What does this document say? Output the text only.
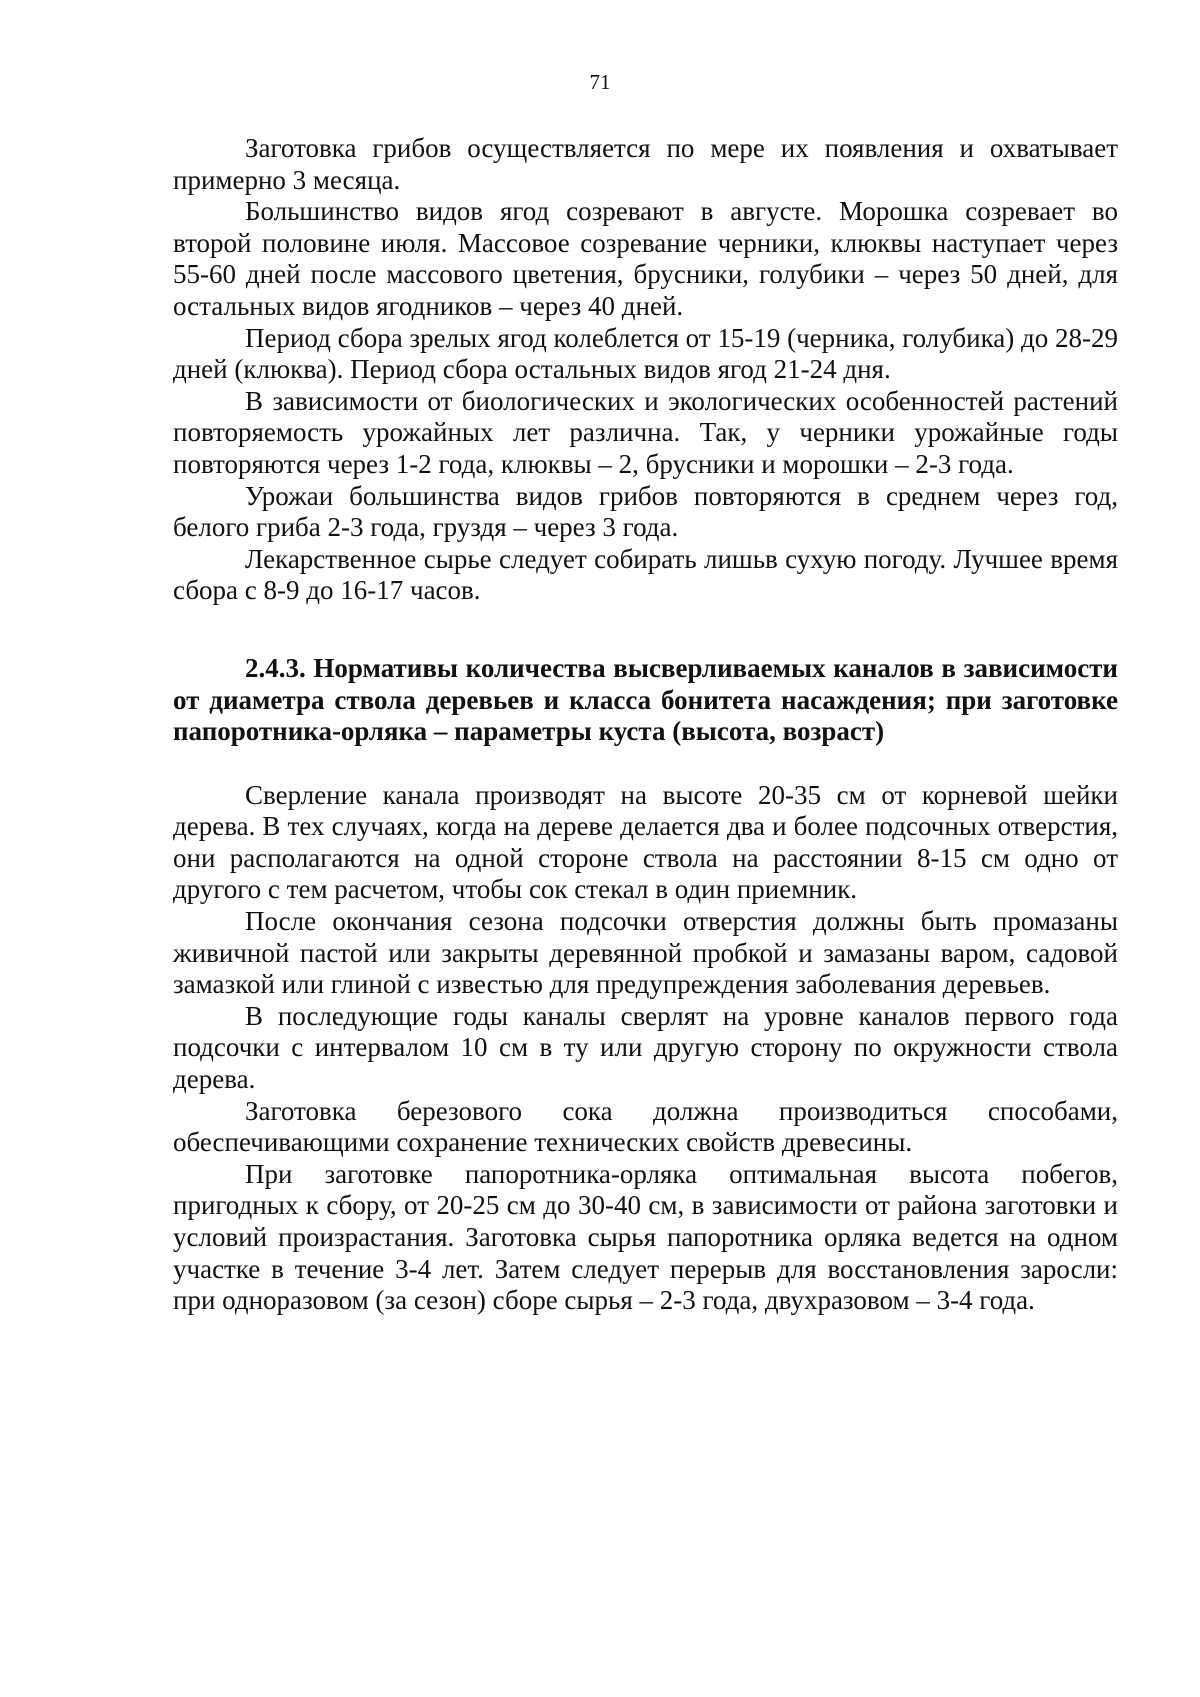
71

Заготовка грибов осуществляется по мере их появления и охватывает примерно 3 месяца.

Большинство видов ягод созревают в августе. Морошка созревает во второй половине июля. Массовое созревание черники, клюквы наступает через 55-60 дней после массового цветения, брусники, голубики – через 50 дней, для остальных видов ягодников – через 40 дней.

Период сбора зрелых ягод колеблется от 15-19 (черника, голубика) до 28-29 дней (клюква). Период сбора остальных видов ягод 21-24 дня.

В зависимости от биологических и экологических особенностей растений повторяемость урожайных лет различна. Так, у черники урожайные годы повторяются через 1-2 года, клюквы – 2, брусники и морошки – 2-3 года.

Урожаи большинства видов грибов повторяются в среднем через год, белого гриба 2-3 года, груздя – через 3 года.

Лекарственное сырье следует собирать лишьв сухую погоду. Лучшее время сбора с 8-9 до 16-17 часов.

2.4.3. Нормативы количества высверливаемых каналов в зависимости от диаметра ствола деревьев и класса бонитета насаждения; при заготовке папоротника-орляка – параметры куста (высота, возраст)

Сверление канала производят на высоте 20-35 см от корневой шейки дерева. В тех случаях, когда на дереве делается два и более подсочных отверстия, они располагаются на одной стороне ствола на расстоянии 8-15 см одно от другого с тем расчетом, чтобы сок стекал в один приемник.

После окончания сезона подсочки отверстия должны быть промазаны живичной пастой или закрыты деревянной пробкой и замазаны варом, садовой замазкой или глиной с известью для предупреждения заболевания деревьев.

В последующие годы каналы сверлят на уровне каналов первого года подсочки с интервалом 10 см в ту или другую сторону по окружности ствола дерева.

Заготовка березового сока должна производиться способами, обеспечивающими сохранение технических свойств древесины.

При заготовке папоротника-орляка оптимальная высота побегов, пригодных к сбору, от 20-25 см до 30-40 см, в зависимости от района заготовки и условий произрастания. Заготовка сырья папоротника орляка ведется на одном участке в течение 3-4 лет. Затем следует перерыв для восстановления заросли: при одноразовом (за сезон) сборе сырья – 2-3 года, двухразовом – 3-4 года.
